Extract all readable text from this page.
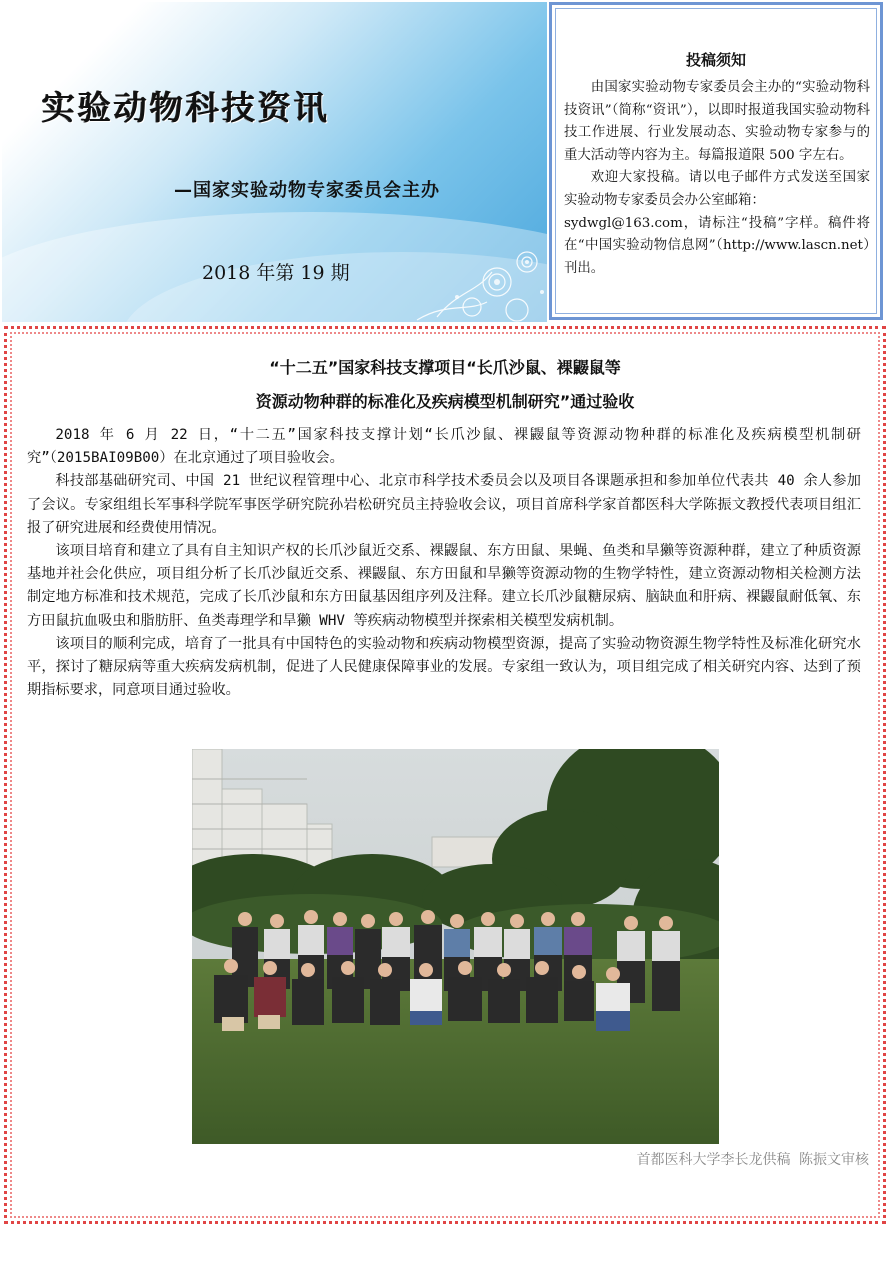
实验动物科技资讯
—国家实验动物专家委员会主办
2018 年第 19 期
投稿须知

由国家实验动物专家委员会主办的“实验动物科技资讯”（简称“资讯”），以即时报道我国实验动物科技工作进展、行业发展动态、实验动物专家参与的重大活动等内容为主。每篇报道限 500 字左右。

欢迎大家投稿。请以电子邮件方式发送至国家实验动物专家委员会办公室邮箱：

sydwgl@163.com，请标注“投稿”字样。稿件将在“中国实验动物信息网”（http://www.lascn.net）刊出。

“十二五”国家科技支撑项目“长爪沙鼠、裸鼹鼠等
资源动物种群的标准化及疾病模型机制研究”通过验收

2018 年 6 月 22 日，“十二五”国家科技支撑计划“长爪沙鼠、裸鼹鼠等资源动物种群的标准化及疾病模型机制研究”（2015BAI09B00）在北京通过了项目验收会。

科技部基础研究司、中国 21 世纪议程管理中心、北京市科学技术委员会以及项目各课题承担和参加单位代表共 40 余人参加了会议。专家组组长军事科学院军事医学研究院孙岩松研究员主持验收会议，项目首席科学家首都医科大学陈振文教授代表项目组汇报了研究进展和经费使用情况。

该项目培育和建立了具有自主知识产权的长爪沙鼠近交系、裸鼹鼠、东方田鼠、果蝇、鱼类和旱獭等资源种群，建立了种质资源基地并社会化供应，项目组分析了长爪沙鼠近交系、裸鼹鼠、东方田鼠和旱獭等资源动物的生物学特性，建立资源动物相关检测方法制定地方标准和技术规范，完成了长爪沙鼠和东方田鼠基因组序列及注释。建立长爪沙鼠糖尿病、脑缺血和肝病、裸鼹鼠耐低氧、东方田鼠抗血吸虫和脂肪肝、鱼类毒理学和旱獭 WHV 等疾病动物模型并探索相关模型发病机制。

该项目的顺利完成，培育了一批具有中国特色的实验动物和疾病动物模型资源，提高了实验动物资源生物学特性及标准化研究水平，探讨了糖尿病等重大疾病发病机制，促进了人民健康保障事业的发展。专家组一致认为，项目组完成了相关研究内容、达到了预期指标要求，同意项目通过验收。

首都医科大学李长龙供稿 陈振文审核
